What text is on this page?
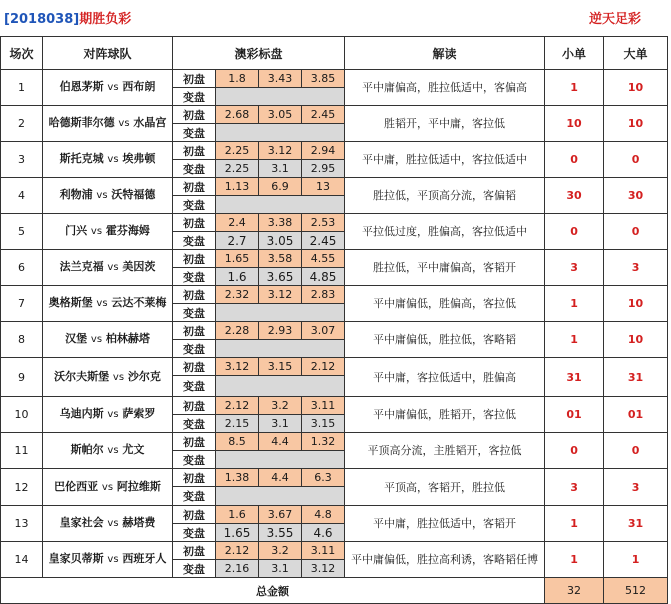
[2018038]期胜负彩	逆天足彩
场次	对阵球队	澳彩标盘				解读	小单	大单
1	伯恩茅斯 vs 西布朗	初盘	1.8	3.43	3.85	平中庸偏高，胜拉低适中，客偏高	1	10
		变盘						
2	哈德斯菲尔德 vs 水晶宫	初盘	2.68	3.05	2.45	胜韬开，平中庸，客拉低	10	10
		变盘						
3	斯托克城 vs 埃弗顿	初盘	2.25	3.12	2.94	平中庸，胜拉低适中，客拉低适中	0	0
		变盘	2.25	3.1	2.95			
4	利物浦 vs 沃特福德	初盘	1.13	6.9	13	胜拉低，平顶高分流，客偏韬	30	30
		变盘						
5	门兴 vs 霍芬海姆	初盘	2.4	3.38	2.53	平拉低过度，胜偏高，客拉低适中	0	0
		变盘	2.7	3.05	2.45			
6	法兰克福 vs 美因茨	初盘	1.65	3.58	4.55	胜拉低，平中庸偏高，客韬开	3	3
		变盘	1.6	3.65	4.85			
7	奥格斯堡 vs 云达不莱梅	初盘	2.32	3.12	2.83	平中庸偏低，胜偏高，客拉低	1	10
		变盘						
8	汉堡 vs 柏林赫塔	初盘	2.28	2.93	3.07	平中庸偏低，胜拉低，客略韬	1	10
		变盘						
9	沃尔夫斯堡 vs 沙尔克	初盘	3.12	3.15	2.12	平中庸，客拉低适中，胜偏高	31	31
		变盘						
10	乌迪内斯 vs 萨索罗	初盘	2.12	3.2	3.11	平中庸偏低，胜韬开，客拉低	01	01
		变盘	2.15	3.1	3.15			
11	斯帕尔 vs 尤文	初盘	8.5	4.4	1.32	平顶高分流，主胜韬开，客拉低	0	0
		变盘						
12	巴伦西亚 vs 阿拉维斯	初盘	1.38	4.4	6.3	平顶高，客韬开，胜拉低	3	3
		变盘						
13	皇家社会 vs 赫塔费	初盘	1.6	3.67	4.8	平中庸，胜拉低适中，客韬开	1	31
		变盘	1.65	3.55	4.6			
14	皇家贝蒂斯 vs 西班牙人	初盘	2.12	3.2	3.11	平中庸偏低，胜拉高利诱，客略韬任博	1	1
		变盘	2.16	3.1	3.12			
总金额							32	512
